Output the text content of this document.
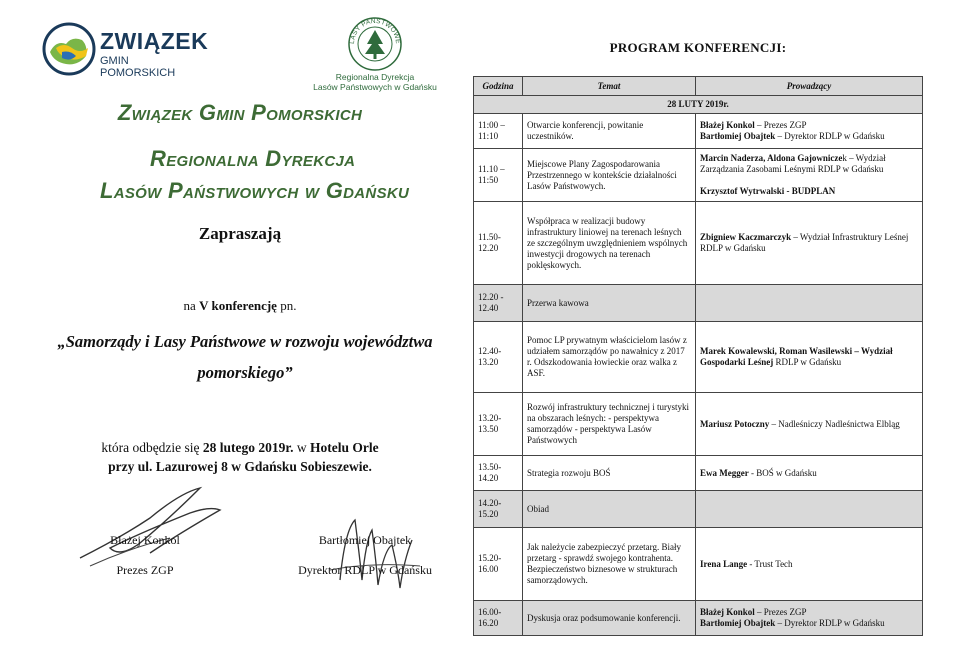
ZWIĄZEK
GMIN POMORSKICH
LASY PAŃSTWOWE
Regionalna Dyrekcja
Lasów Państwowych w Gdańsku
Związek Gmin Pomorskich
Regionalna Dyrekcja
Lasów Państwowych w Gdańsku
Zapraszają
na V konferencję pn.
„Samorządy i Lasy Państwowe w rozwoju województwa pomorskiego”
która odbędzie się 28 lutego 2019r. w Hotelu Orle
przy ul. Lazurowej 8 w Gdańsku Sobieszewie.
Błażej Konkol
Prezes ZGP
Bartłomiej Obajtek
Dyrektor RDLP w Gdańsku
PROGRAM KONFERENCJI:
Godzina	Temat	Prowadzący
28 LUTY 2019r.		
11:00 – 11:10	Otwarcie konferencji, powitanie uczestników.	Błażej Konkol – Prezes ZGP
Bartłomiej Obajtek – Dyrektor RDLP w Gdańsku

11.10 – 11:50	Miejscowe Plany Zagospodarowania Przestrzennego w kontekście działalności Lasów Państwowych.	Marcin Naderza, Aldona Gajowniczek – Wydział Zarządzania Zasobami Leśnymi RDLP w Gdańsku

Krzysztof Wytrwalski - BUDPLAN

11.50- 12.20	Współpraca w realizacji budowy infrastruktury liniowej na terenach leśnych ze szczególnym uwzględnieniem wspólnych inwestycji drogowych na terenach poklęskowych.	Zbigniew Kaczmarczyk – Wydział Infrastruktury Leśnej RDLP w Gdańsku

12.20 - 12.40	Przerwa kawowa	
12.40- 13.20	Pomoc LP prywatnym właścicielom lasów z udziałem samorządów po nawałnicy z 2017 r. Odszkodowania łowieckie oraz walka z ASF.	Marek Kowalewski, Roman Wasilewski – Wydział Gospodarki Leśnej RDLP w Gdańsku

13.20- 13.50	Rozwój infrastruktury technicznej i turystyki na obszarach leśnych: - perspektywa samorządów - perspektywa Lasów Państwowych	Mariusz Potoczny – Nadleśniczy Nadleśnictwa Elbląg

13.50- 14.20	Strategia rozwoju BOŚ	Ewa Megger - BOŚ w Gdańsku

14.20- 15.20	Obiad	
15.20- 16.00	Jak należycie zabezpieczyć przetarg. Biały przetarg - sprawdź swojego kontrahenta. Bezpieczeństwo biznesowe w strukturach samorządowych.	Irena Lange - Trust Tech

16.00- 16.20	Dyskusja oraz podsumowanie konferencji.	Błażej Konkol – Prezes ZGP
Bartłomiej Obajtek – Dyrektor RDLP w Gdańsku
